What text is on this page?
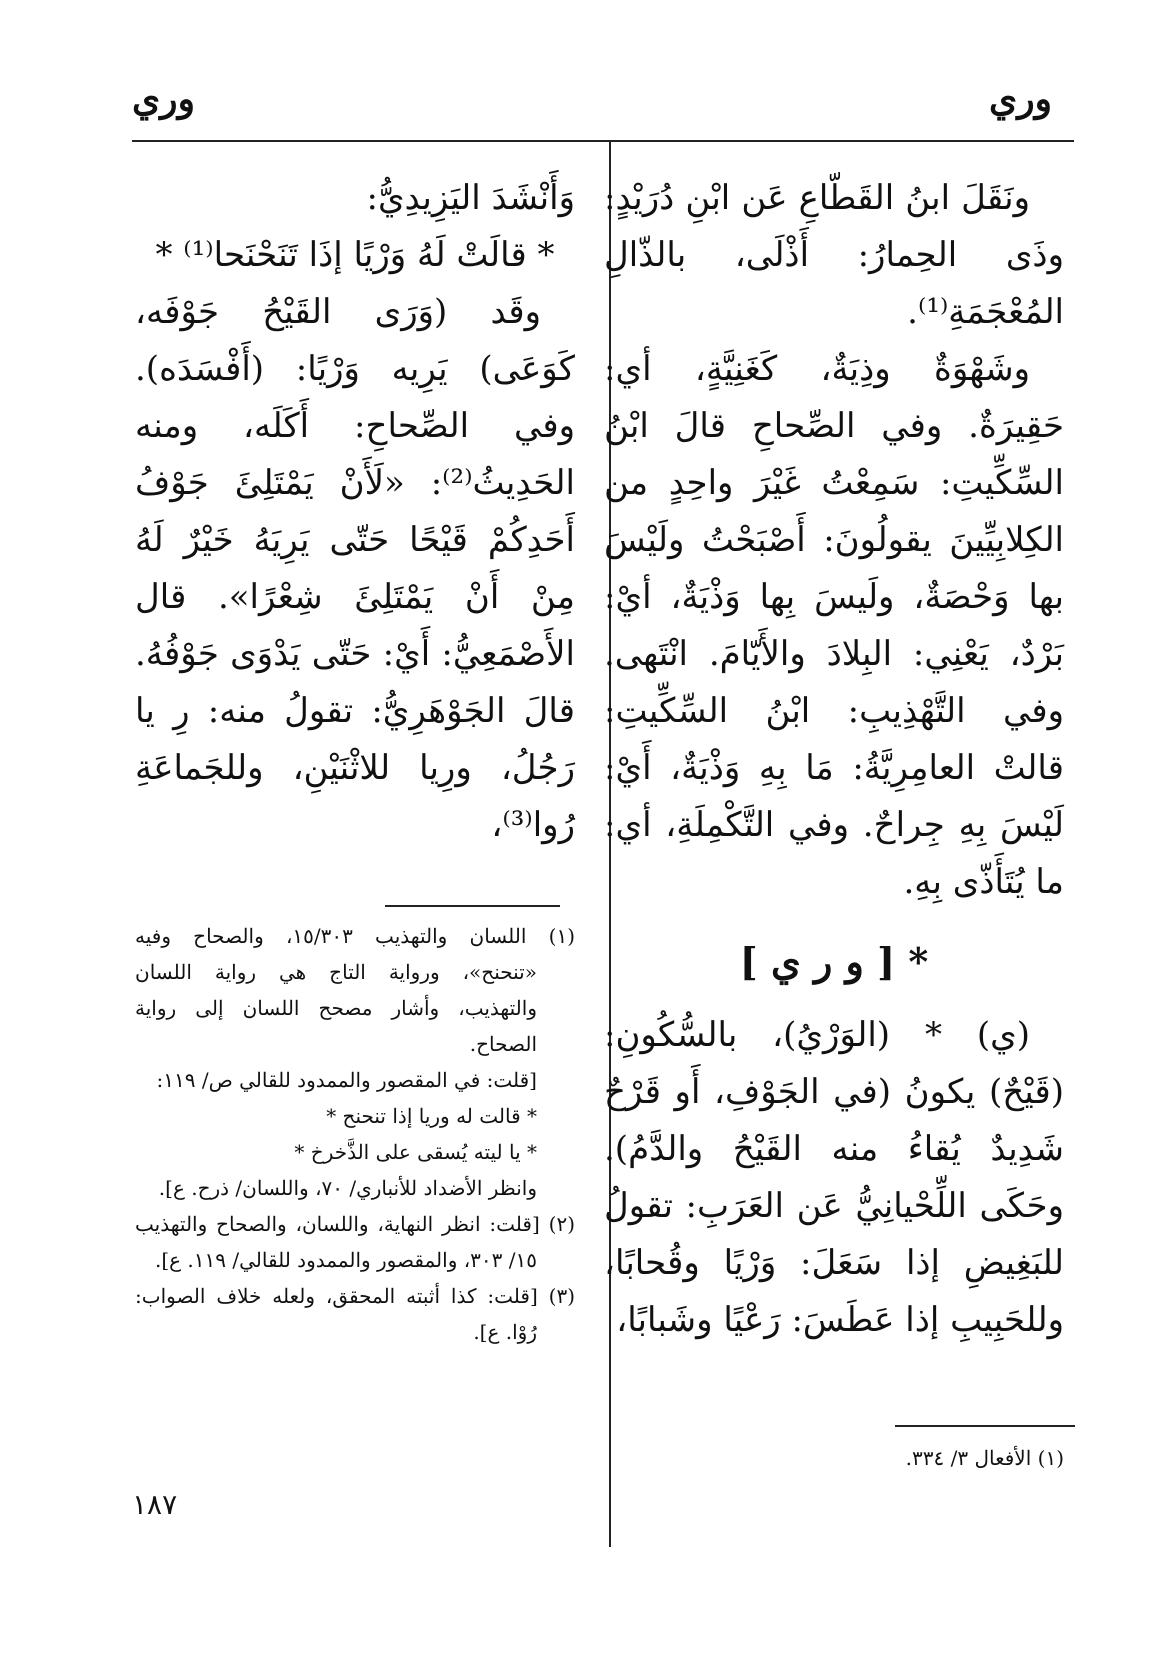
وري
وري

ونَقَلَ ابنُ القَطّاعِ عَن ابْنِ دُرَيْدٍ: وذَى الحِمارُ: أَذْلَى، بالذّالِ المُعْجَمَةِ⁽¹⁾.

وشَهْوَةٌ وذِيَةٌ، كَغَنِيَّةٍ، أي: حَقِيرَةٌ. وفي الصِّحاحِ قالَ ابْنُ السِّكِّيتِ: سَمِعْتُ غَيْرَ واحِدٍ من الكِلابِيِّينَ يقولُونَ: أَصْبَحْتُ ولَيْسَ بها وَحْصَةٌ، ولَيسَ بِها وَذْيَةٌ، أيْ: بَرْدٌ، يَعْنِي: البِلادَ والأَيّامَ. انْتَهى. وفي التَّهْذِيبِ: ابْنُ السِّكِّيتِ: قالتْ العامِرِيَّةُ: مَا بِهِ وَذْيَةٌ، أَيْ: لَيْسَ بِهِ جِراحٌ. وفي التَّكْمِلَةِ، أي: ما يُتَأَذّى بِهِ.

* [ و ر ي ]

(ي) * (الوَرْيُ)، بالسُّكُونِ: (قَيْحٌ) يكونُ (في الجَوْفِ، أَو قَرْحٌ شَدِيدٌ يُقاءُ منه القَيْحُ والدَّمُ). وحَكَى اللِّحْيانِيُّ عَن العَرَبِ: تقولُ للبَغِيضِ إذا سَعَلَ: وَرْيًا وقُحابًا، وللحَبِيبِ إذا عَطَسَ: رَعْيًا وشَبابًا،

وَأَنْشَدَ اليَزِيدِيُّ:

* قالَتْ لَهُ وَرْيًا إذَا تَنَحْنَحا⁽¹⁾ *

وقَد (وَرَى القَيْحُ جَوْفَه، كَوَعَى) يَرِيه وَرْيًا: (أَفْسَدَه). وفي الصِّحاحِ: أَكَلَه، ومنه الحَدِيثُ⁽²⁾: «لَأَنْ يَمْتَلِئَ جَوْفُ أَحَدِكُمْ قَيْحًا حَتّى يَرِيَهُ خَيْرٌ لَهُ مِنْ أَنْ يَمْتَلِئَ شِعْرًا». قال الأَصْمَعِيُّ: أَيْ: حَتّى يَدْوَى جَوْفُهُ. قالَ الجَوْهَرِيُّ: تقولُ منه: رِ يا رَجُلُ، ورِيا للاثْنَيْنِ، وللجَماعَةِ رُوا⁽³⁾،

(١) اللسان والتهذيب ١٥/٣٠٣، والصحاح وفيه «تنحنح»، ورواية التاج هي رواية اللسان والتهذيب، وأشار مصحح اللسان إلى رواية الصحاح.

[قلت: في المقصور والممدود للقالي ص/ ١١٩:

* قالت له وريا إذا تنحنح *

* يا ليته يُسقى على الذَّخرخ *

وانظر الأضداد للأنباري/ ٧٠، واللسان/ ذرح. ع].

(٢) [قلت: انظر النهاية، واللسان، والصحاح والتهذيب ١٥/ ٣٠٣، والمقصور والممدود للقالي/ ١١٩. ع].

(٣) [قلت: كذا أثبته المحقق، ولعله خلاف الصواب: رُوْا. ع].

(١) الأفعال ٣/ ٣٣٤.

١٨٧
